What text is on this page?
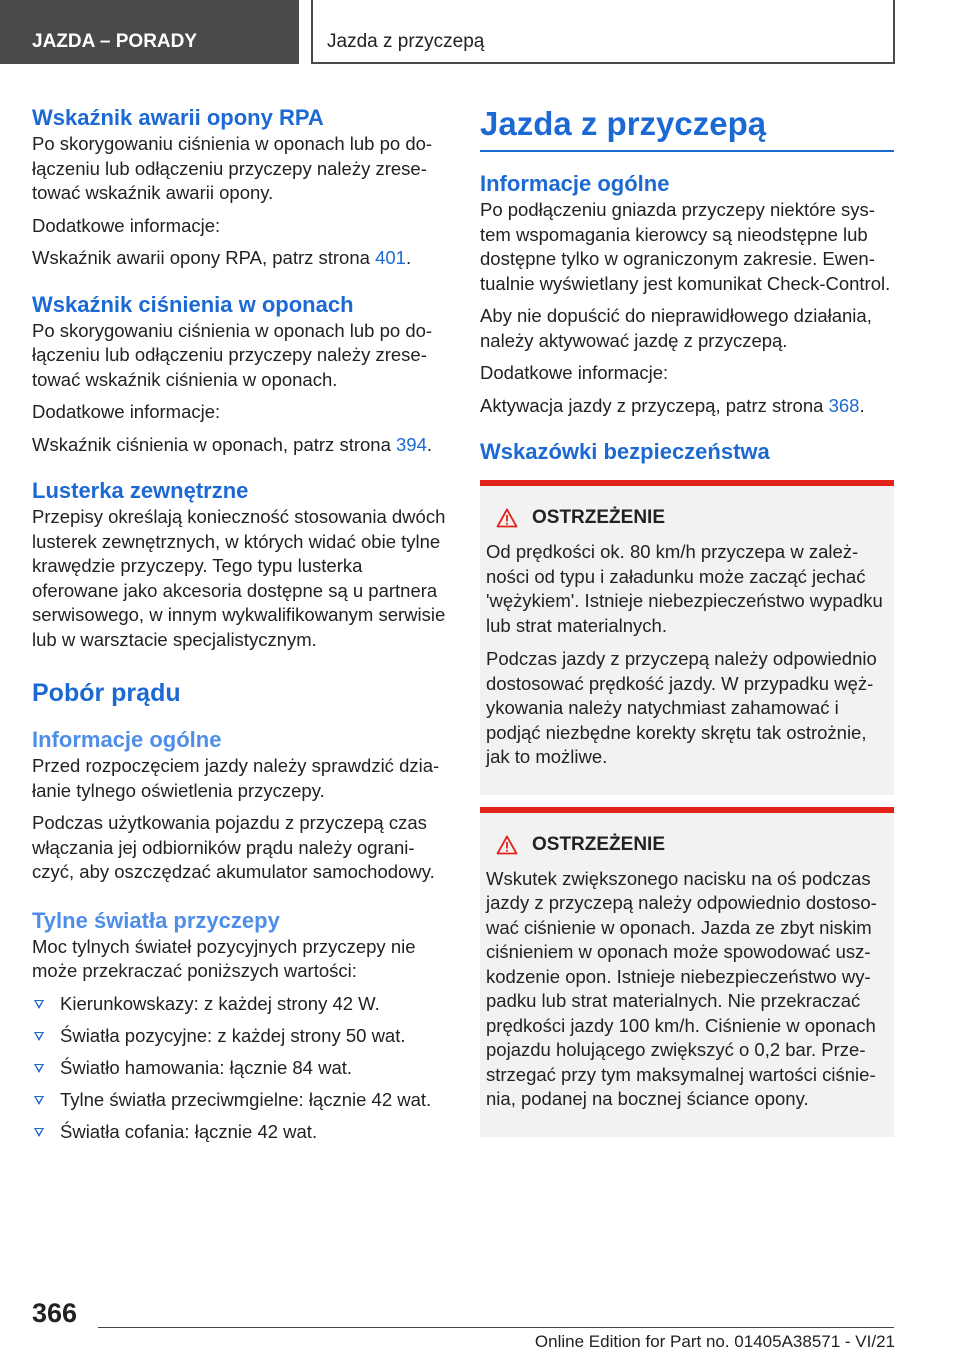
JAZDA – PORADY	Jazda z przyczepą
Wskaźnik awarii opony RPA

Po skorygowaniu ciśnienia w oponach lub po dołączeniu lub odłączeniu przyczepy należy zresetować wskaźnik awarii opony.

Dodatkowe informacje:

Wskaźnik awarii opony RPA, patrz strona 401.

Wskaźnik ciśnienia w oponach

Po skorygowaniu ciśnienia w oponach lub po dołączeniu lub odłączeniu przyczepy należy zresetować wskaźnik ciśnienia w oponach.

Dodatkowe informacje:

Wskaźnik ciśnienia w oponach, patrz strona 394.

Lusterka zewnętrzne

Przepisy określają konieczność stosowania dwóch lusterek zewnętrznych, w których widać obie tylne krawędzie przyczepy. Tego typu lusterka oferowane jako akcesoria dostępne są u partnera serwisowego, w innym wykwalifikowanym serwisie lub w warsztacie specjalistycznym.

Pobór prądu
Informacje ogólne

Przed rozpoczęciem jazdy należy sprawdzić działanie tylnego oświetlenia przyczepy.

Podczas użytkowania pojazdu z przyczepą czas włączania jej odbiorników prądu należy ograniczyć, aby oszczędzać akumulator samochodowy.

Tylne światła przyczepy

Moc tylnych świateł pozycyjnych przyczepy nie może przekraczać poniższych wartości:

Kierunkowskazy: z każdej strony 42 W.
Światła pozycyjne: z każdej strony 50 wat.
Światło hamowania: łącznie 84 wat.
Tylne światła przeciwmgielne: łącznie 42 wat.
Światła cofania: łącznie 42 wat.
Jazda z przyczepą
Informacje ogólne

Po podłączeniu gniazda przyczepy niektóre system wspomagania kierowcy są nieodstępne lub dostępne tylko w ograniczonym zakresie. Ewentualnie wyświetlany jest komunikat Check-Control.

Aby nie dopuścić do nieprawidłowego działania, należy aktywować jazdę z przyczepą.

Dodatkowe informacje:

Aktywacja jazdy z przyczepą, patrz strona 368.

Wskazówki bezpieczeństwa
OSTRZEŻENIE

Od prędkości ok. 80 km/h przyczepa w zależności od typu i załadunku może zacząć jechać 'wężykiem'. Istnieje niebezpieczeństwo wypadku lub strat materialnych.

Podczas jazdy z przyczepą należy odpowiednio dostosować prędkość jazdy. W przypadku wężykowania należy natychmiast zahamować i podjąć niezbędne korekty skrętu tak ostrożnie, jak to możliwe.

OSTRZEŻENIE

Wskutek zwiększonego nacisku na oś podczas jazdy z przyczepą należy odpowiednio dostosować ciśnienie w oponach. Jazda ze zbyt niskim ciśnieniem w oponach może spowodować uszkodzenie opon. Istnieje niebezpieczeństwo wypadku lub strat materialnych. Nie przekraczać prędkości jazdy 100 km/h. Ciśnienie w oponach pojazdu holującego zwiększyć o 0,2 bar. Przestrzegać przy tym maksymalnej wartości ciśnienia, podanej na bocznej ściance opony.

366
Online Edition for Part no. 01405A38571 - VI/21
